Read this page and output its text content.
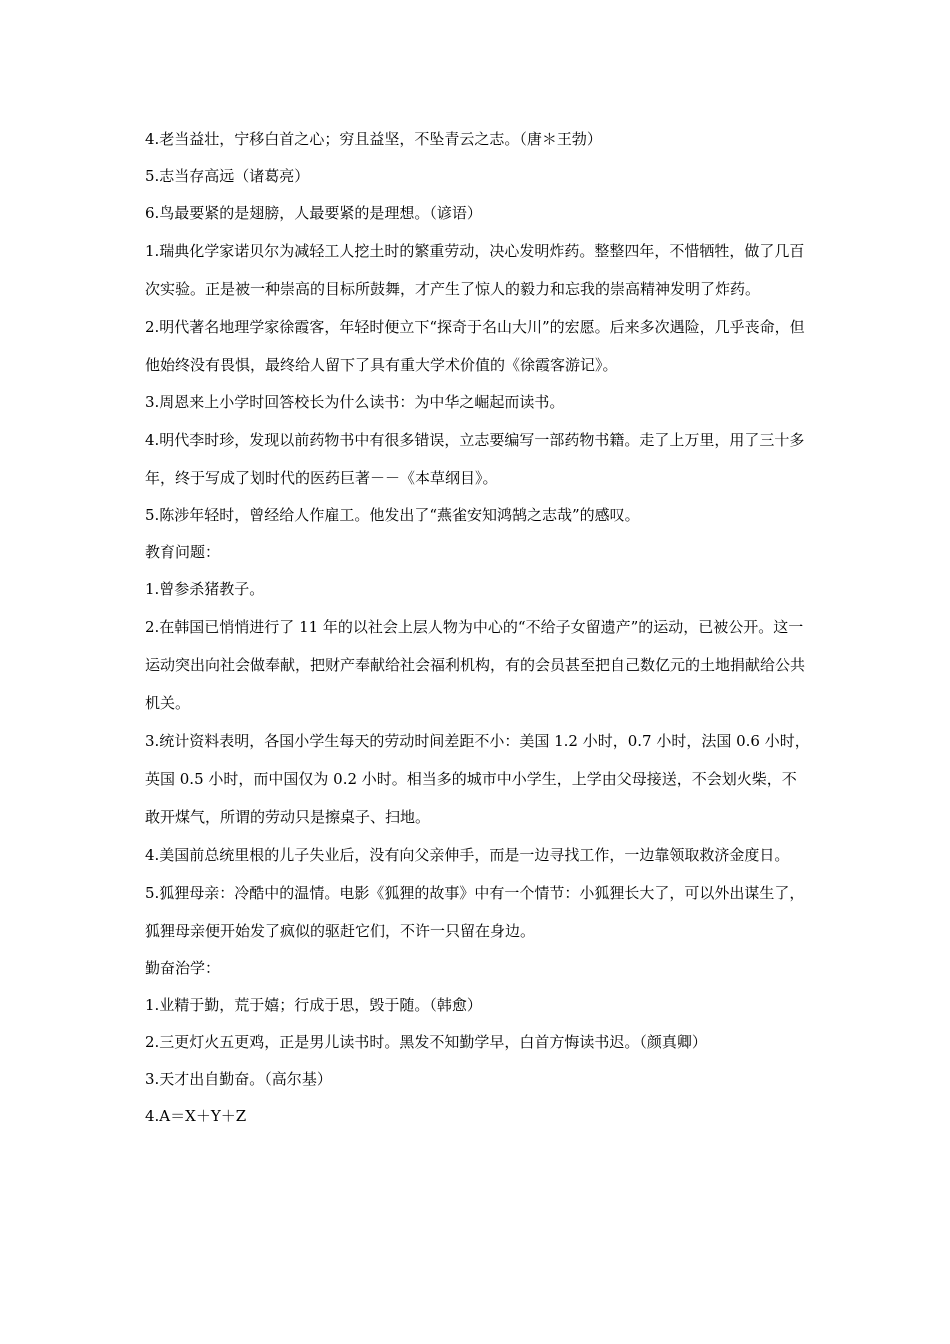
4.老当益壮，宁移白首之心；穷且益坚，不坠青云之志。（唐＊王勃）

5.志当存高远（诸葛亮）

6.鸟最要紧的是翅膀，人最要紧的是理想。（谚语）

1.瑞典化学家诺贝尔为减轻工人挖土时的繁重劳动，决心发明炸药。整整四年，不惜牺牲，做了几百次实验。正是被一种崇高的目标所鼓舞，才产生了惊人的毅力和忘我的崇高精神发明了炸药。

2.明代著名地理学家徐霞客，年轻时便立下“探奇于名山大川”的宏愿。后来多次遇险，几乎丧命，但他始终没有畏惧，最终给人留下了具有重大学术价值的《徐霞客游记》。

3.周恩来上小学时回答校长为什么读书：为中华之崛起而读书。

4.明代李时珍，发现以前药物书中有很多错误，立志要编写一部药物书籍。走了上万里，用了三十多年，终于写成了划时代的医药巨著－－《本草纲目》。

5.陈涉年轻时，曾经给人作雇工。他发出了“燕雀安知鸿鹄之志哉”的感叹。

教育问题：

1.曾参杀猪教子。

2.在韩国已悄悄进行了 11 年的以社会上层人物为中心的“不给子女留遗产”的运动，已被公开。这一运动突出向社会做奉献，把财产奉献给社会福利机构，有的会员甚至把自己数亿元的土地捐献给公共机关。

3.统计资料表明，各国小学生每天的劳动时间差距不小：美国 1.2 小时，0.7 小时，法国 0.6 小时，英国 0.5 小时，而中国仅为 0.2 小时。相当多的城市中小学生，上学由父母接送，不会划火柴，不敢开煤气，所谓的劳动只是擦桌子、扫地。

4.美国前总统里根的儿子失业后，没有向父亲伸手，而是一边寻找工作，一边靠领取救济金度日。

5.狐狸母亲：冷酷中的温情。电影《狐狸的故事》中有一个情节：小狐狸长大了，可以外出谋生了，狐狸母亲便开始发了疯似的驱赶它们，不许一只留在身边。

勤奋治学：

1.业精于勤，荒于嬉；行成于思，毁于随。（韩愈）

2.三更灯火五更鸡，正是男儿读书时。黑发不知勤学早，白首方悔读书迟。（颜真卿）

3.天才出自勤奋。（高尔基）

4.A＝X＋Y＋Z
